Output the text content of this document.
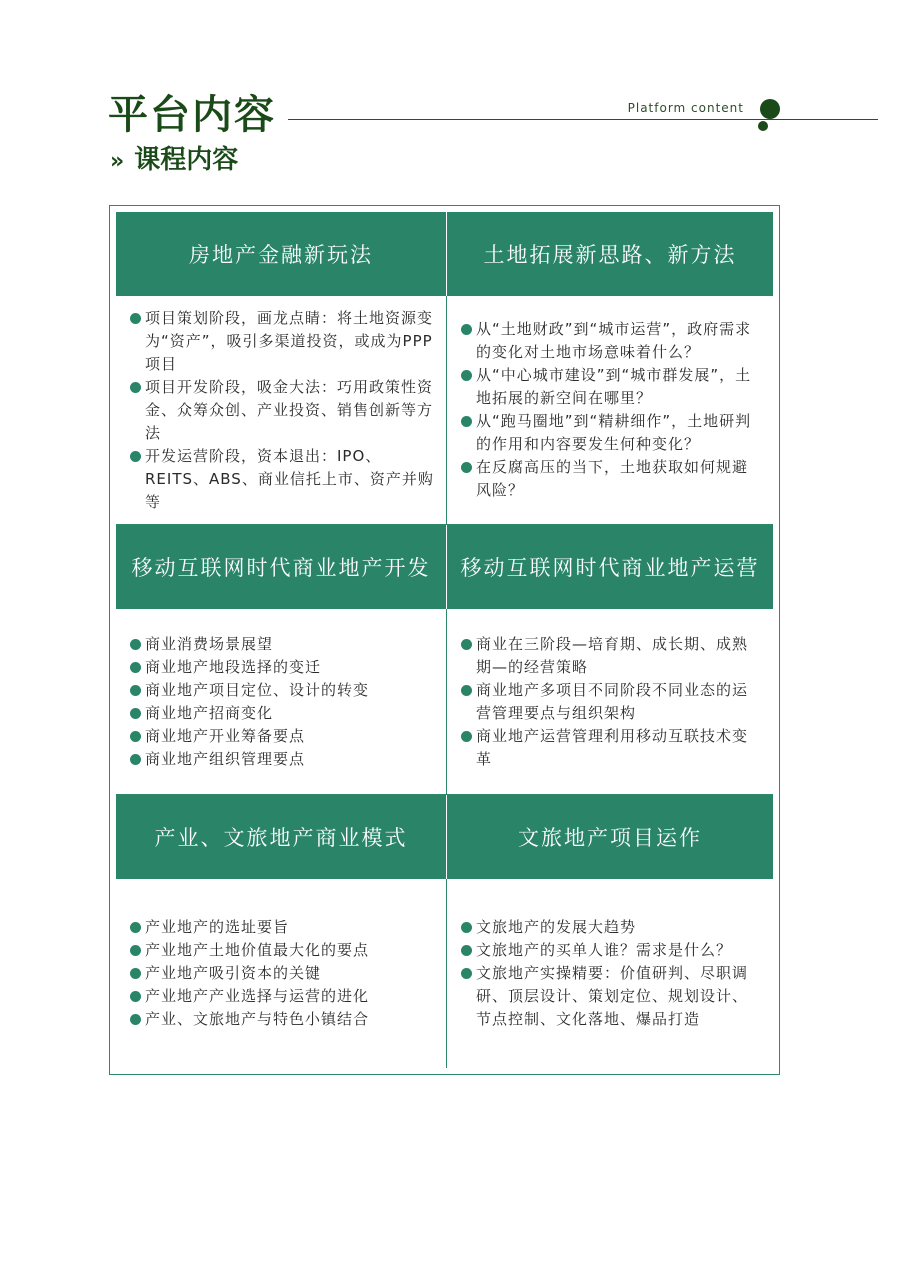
平台内容	Platform content
» 课程内容
房地产金融新玩法	土地拓展新思路、新方法
项目策划阶段，画龙点睛：将土地资源变为“资产”，吸引多渠道投资，或成为PPP项目
项目开发阶段，吸金大法：巧用政策性资金、众筹众创、产业投资、销售创新等方法
开发运营阶段，资本退出：IPO、REITS、ABS、商业信托上市、资产并购等
从“土地财政”到“城市运营”，政府需求的变化对土地市场意味着什么？
从“中心城市建设”到“城市群发展”，土地拓展的新空间在哪里？
从“跑马圈地”到“精耕细作”，土地研判的作用和内容要发生何种变化？
在反腐高压的当下，土地获取如何规避风险？
移动互联网时代商业地产开发	移动互联网时代商业地产运营
商业消费场景展望
商业地产地段选择的变迁
商业地产项目定位、设计的转变
商业地产招商变化
商业地产开业筹备要点
商业地产组织管理要点
商业在三阶段—培育期、成长期、成熟期—的经营策略
商业地产多项目不同阶段不同业态的运营管理要点与组织架构
商业地产运营管理利用移动互联技术变革
产业、文旅地产商业模式	文旅地产项目运作
产业地产的选址要旨
产业地产土地价值最大化的要点
产业地产吸引资本的关键
产业地产产业选择与运营的进化
产业、文旅地产与特色小镇结合
文旅地产的发展大趋势
文旅地产的买单人谁？需求是什么？
文旅地产实操精要：价值研判、尽职调研、顶层设计、策划定位、规划设计、节点控制、文化落地、爆品打造
